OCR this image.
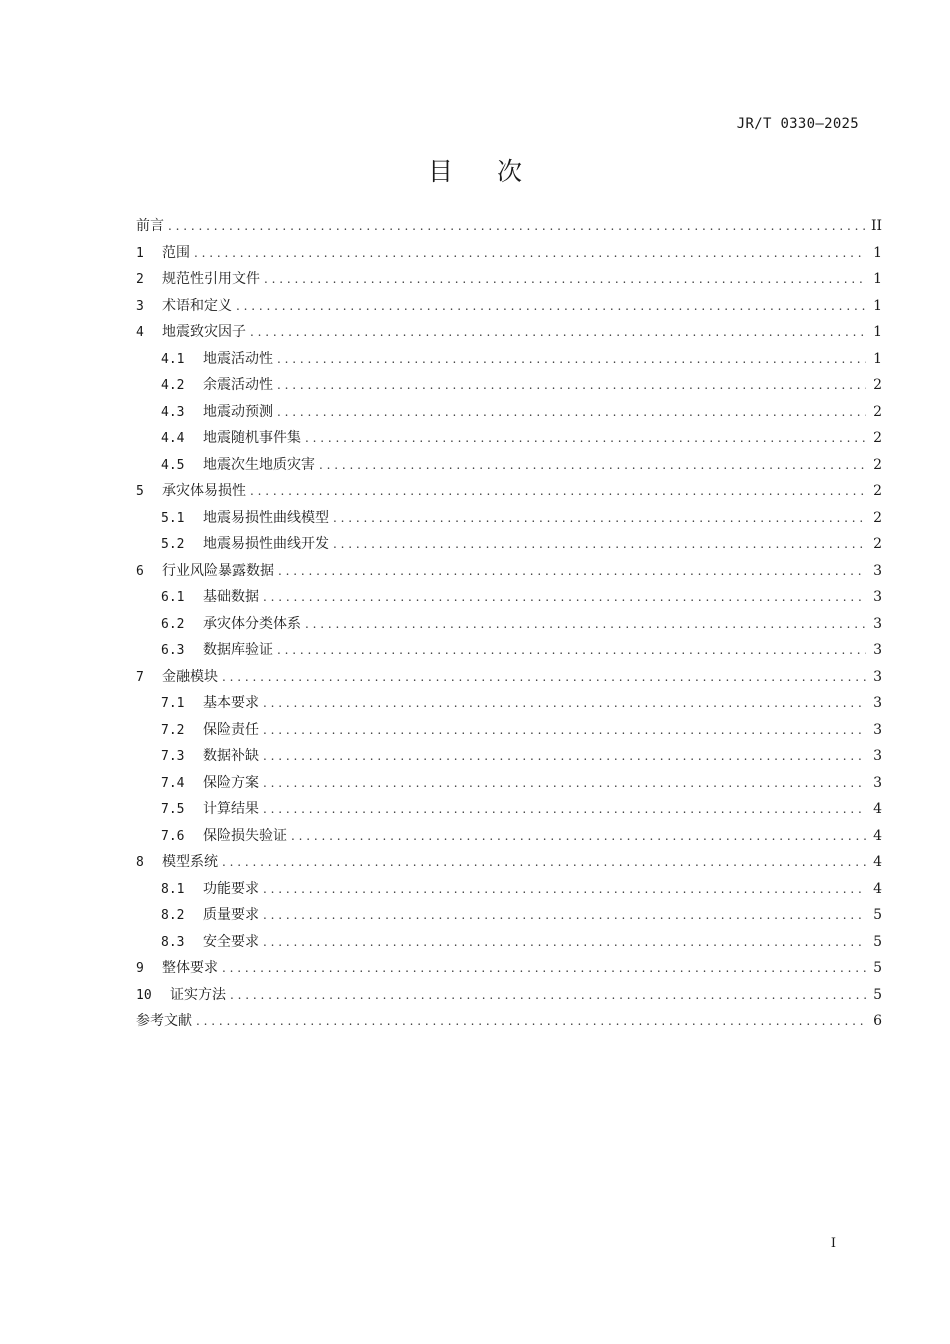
JR/T 0330—2025
目次
前言 . . .	II
1	范围 . . .	1
2	规范性引用文件 . . .	1
3	术语和定义 . . .	1
4	地震致灾因子 . . .	1
4.1	地震活动性 . . .	1
4.2	余震活动性 . . .	2
4.3	地震动预测 . . .	2
4.4	地震随机事件集 . . .	2
4.5	地震次生地质灾害 . . .	2
5	承灾体易损性 . . .	2
5.1	地震易损性曲线模型 . . .	2
5.2	地震易损性曲线开发 . . .	2
6	行业风险暴露数据 . . .	3
6.1	基础数据 . . .	3
6.2	承灾体分类体系 . . .	3
6.3	数据库验证 . . .	3
7	金融模块 . . .	3
7.1	基本要求 . . .	3
7.2	保险责任 . . .	3
7.3	数据补缺 . . .	3
7.4	保险方案 . . .	3
7.5	计算结果 . . .	4
7.6	保险损失验证 . . .	4
8	模型系统 . . .	4
8.1	功能要求 . . .	4
8.2	质量要求 . . .	5
8.3	安全要求 . . .	5
9	整体要求 . . .	5
10	证实方法 . . .	5
参考文献 . . .	6
I
